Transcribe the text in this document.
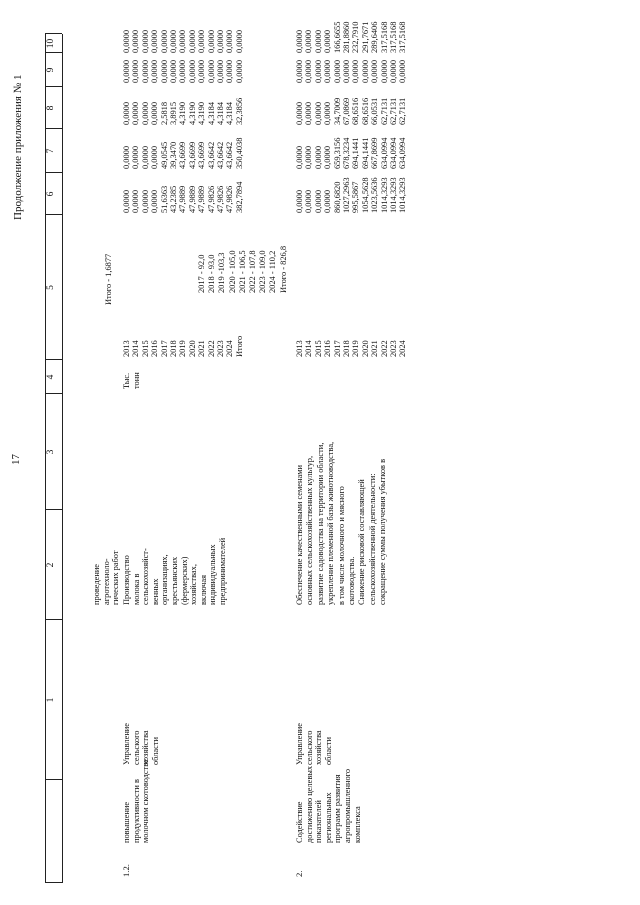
17
Продолжение приложения № 1
1
2
3
4
5
6
7
8
9
10
1.2.	2.
повышение продуктивности в молочном скотоводстве
Управление сельского хозяйства области
проведение агротехноло- гических работ Производство молока в сельскохозяйст- венных организациях, крестьянских (фермерских) хозяйствах, включая индивидуальных предпринимателей
Тыс. тонн
Итого - 1,6877	2017 - 92,0 2018 - 93,0 2019 -103,3 2020 - 105,0 2021 - 106,5 2022 - 107,8 2023 - 109,0 2024 - 110,2 Итого - 826,8
2013 2014 2015 2016 2017 2018 2019 2020 2021 2022 2023 2024 Итого
0,0000 0,0000 0,0000 0,0000 51,6363 43,2385 47,9889 47,9889 47,9889 47,9826 47,9826 47,9826 382,7894
0,0000 0,0000 0,0000 0,0000 49,0545 39,3470 43,6699 43,6699 43,6699 43,6642 43,6642 43,6642 350,4038
0,0000 0,0000 0,0000 0,0000 2,5818 3,8915 4,3190 4,3190 4,3190 4,3184 4,3184 4,3184 32,3856
0,0000 0,0000 0,0000 0,0000 0,0000 0,0000 0,0000 0,0000 0,0000 0,0000 0,0000 0,0000 0,0000
0,0000 0,0000 0,0000 0,0000 0,0000 0,0000 0,0000 0,0000 0,0000 0,0000 0,0000 0,0000 0,0000
Содействие достижению целевых показателей региональных программ развития агропромышленного комплекса
Управление сельского хозяйства области
Обеспечение качественными семенами основных сельскохозяйственных культур, развитие садоводства на территории области, укрепление племенной базы животноводства, в том числе молочного и мясного скотоводства. Снижение рисковой составляющей сельскохозяйственной деятельности: сокращение суммы получения убытков в
2013 2014 2015 2016 2017 2018 2019 2020 2021 2022 2023 2024
0,0000 0,0000 0,0000 0,0000 860,6820 1027,2963 995,5867 1054,5628 1023,5636 1014,3293 1014,3293 1014,3293
0,0000 0,0000 0,0000 0,0000 659,3156 678,3234 694,1441 694,1441 667,8699 634,0994 634,0994 634,0994
0,0000 0,0000 0,0000 0,0000 34,7009 67,0869 68,6516 68,6516 66,0531 62,7131 62,7131 62,7131
0,0000 0,0000 0,0000 0,0000 0,0000 0,0000 0,0000 0,0000 0,0000 0,0000 0,0000 0,0000
0,0000 0,0000 0,0000 0,0000 166,6655 281,8860 232,7910 291,7671 289,6406 317,5168 317,5168 317,5168
